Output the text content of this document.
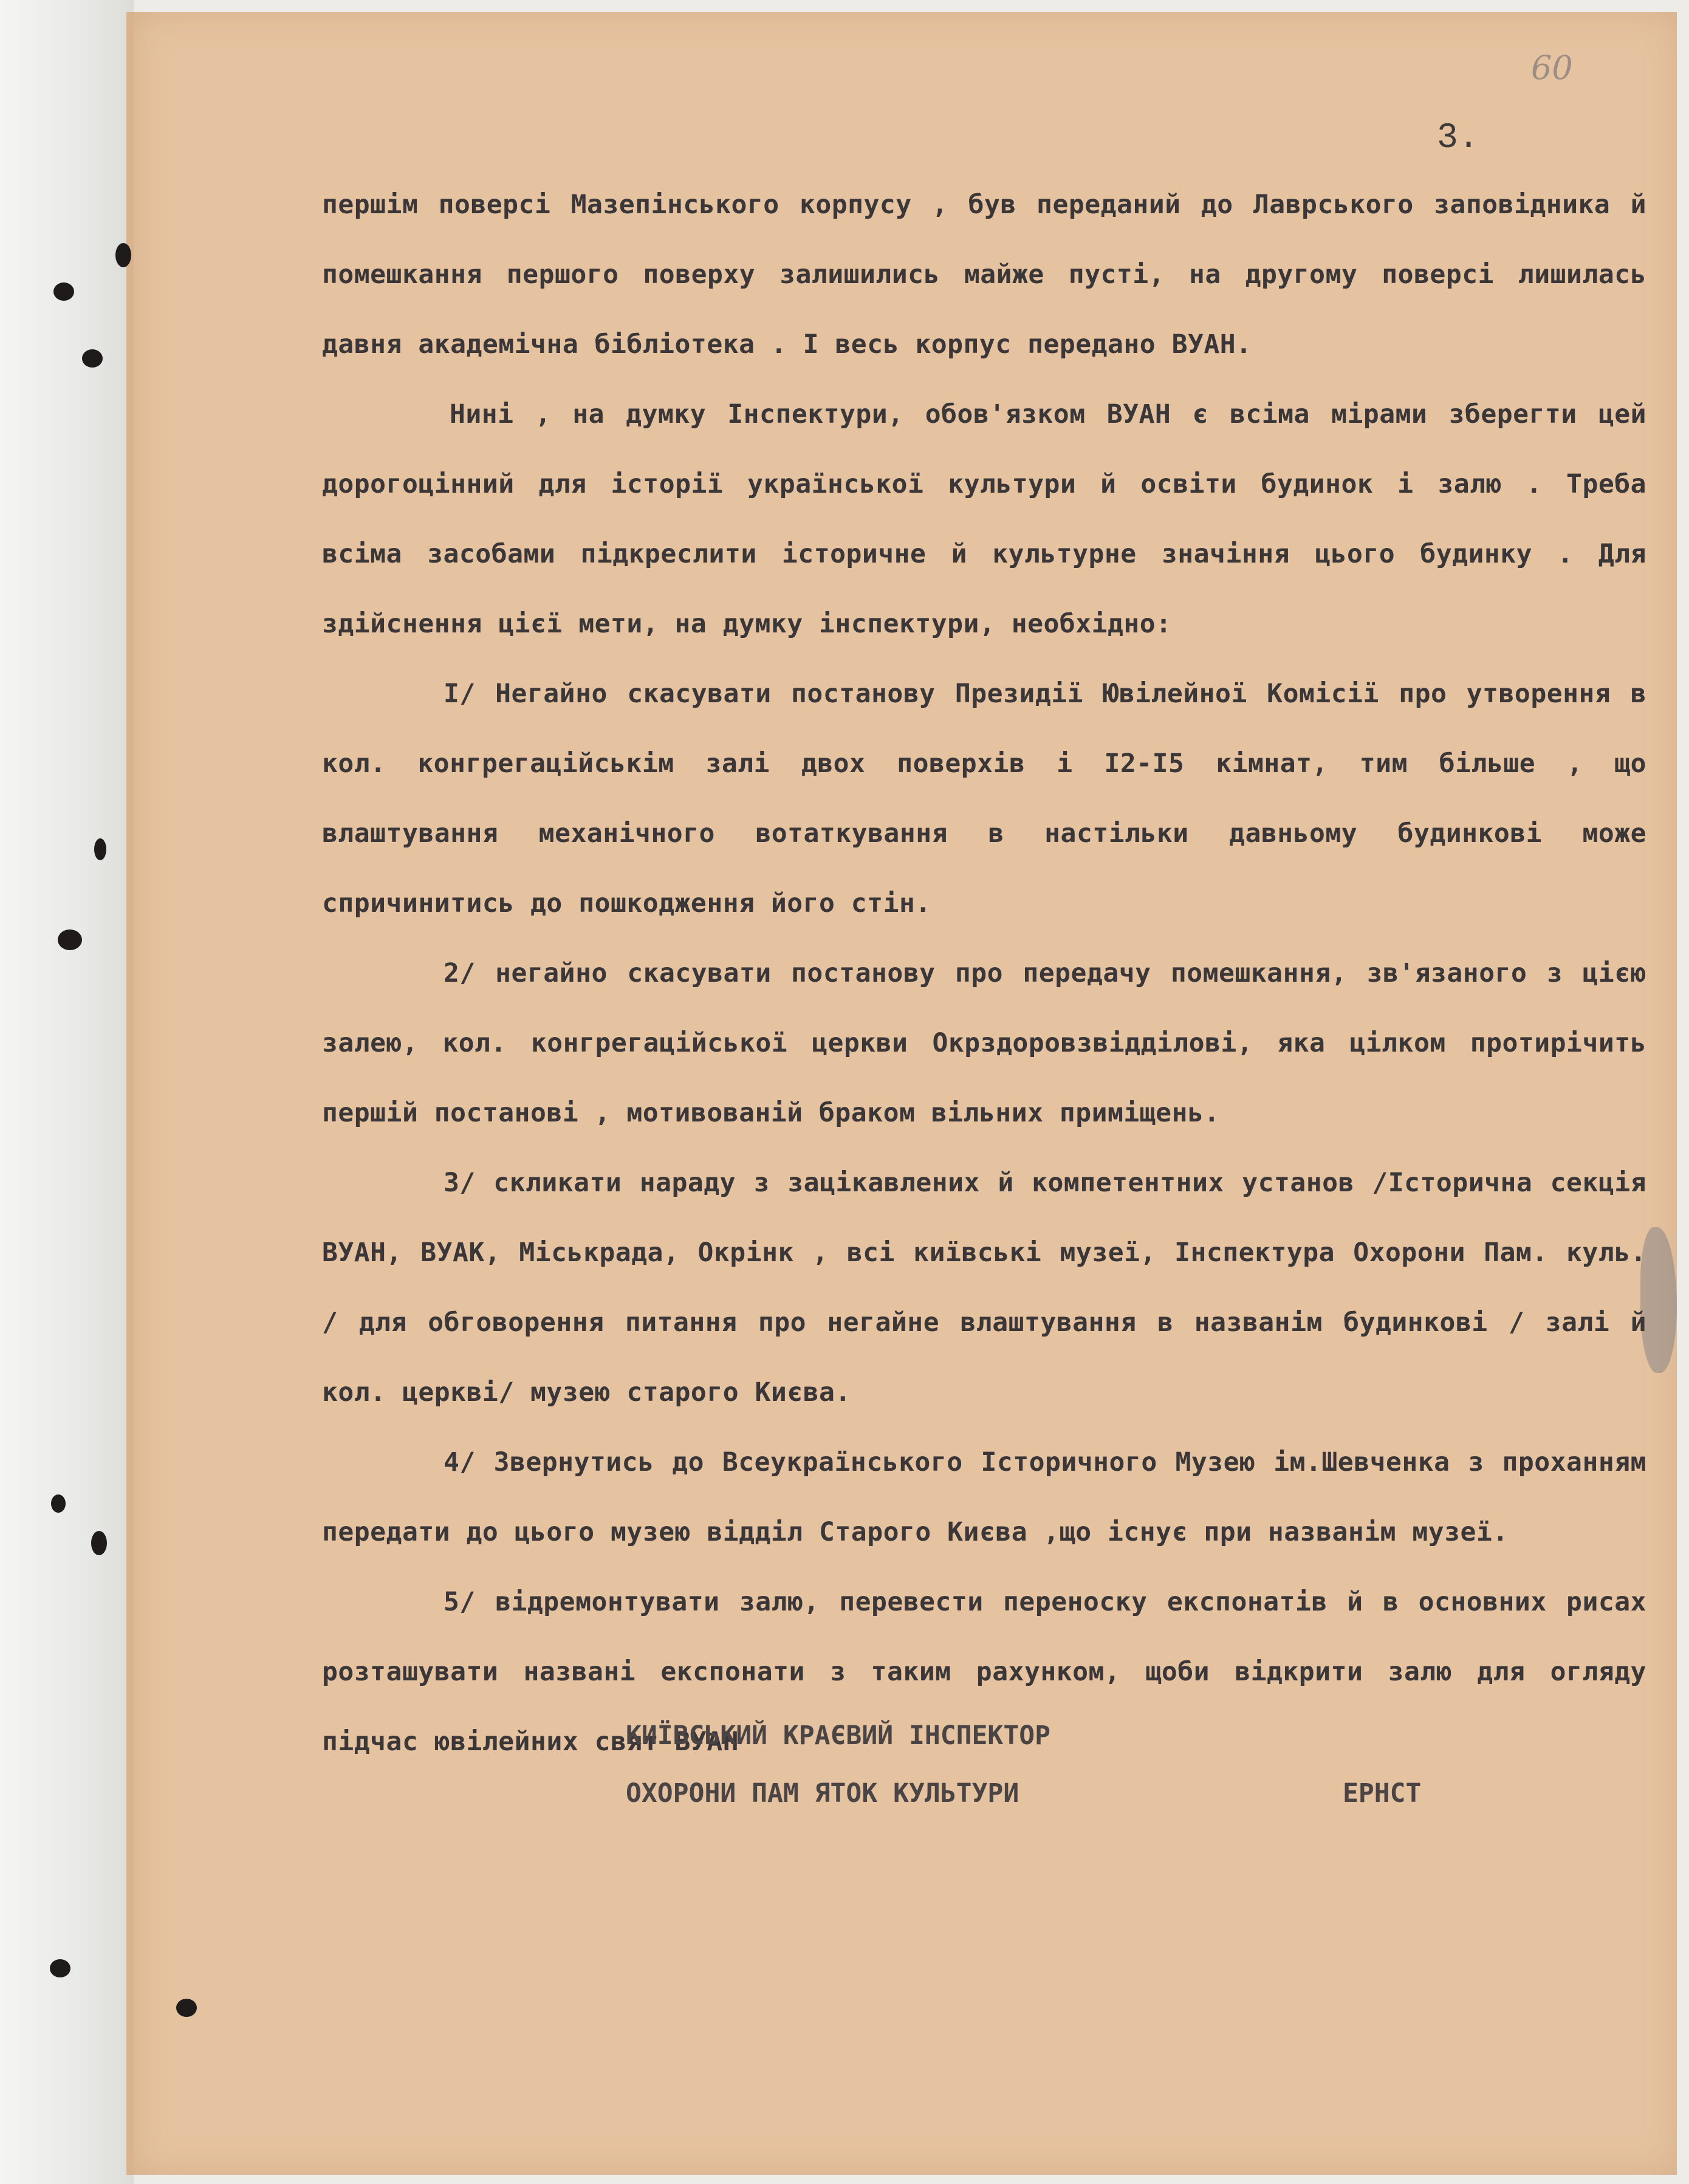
60
3.

першім поверсі Мазепінського корпусу , був переданий до Лаврського заповідника й помешкання першого поверху залишились майже пусті, на другому поверсі лишилась давня академічна бібліотека . І весь корпус передано ВУАН.

Нині , на думку Інспектури, обов'язком ВУАН є всіма мірами зберегти цей дорогоцінний для історії української культури й освіти будинок і залю . Треба всіма засобами підкреслити історичне й культурне значіння цього будинку . Для здійснення цієї мети, на думку інспектури, необхідно:

I/ Негайно скасувати постанову Президії Ювілейної Комісії про утворення в кол. конгрегаційськім залі двох поверхів і I2-I5 кімнат, тим більше , що влаштування механічного вотаткування в настільки давньому будинкові може спричинитись до пошкодження його стін.

2/ негайно скасувати постанову про передачу помешкання, зв'язаного з цією залею, кол. конгрегаційської церкви Окрздоровзвідділові, яка цілком протирічить першій постанові , мотивованій браком вільних приміщень.

3/ скликати нараду з зацікавлених й компетентних установ /Історична секція ВУАН, ВУАК, Міськрада, Окрінк , всі київські музеї, Інспектура Охорони Пам. куль. / для обговорення питання про негайне влаштування в названім будинкові / залі й кол. церкві/ музею старого Києва.

4/ Звернутись до Всеукраїнського Історичного Музею ім.Шевченка з проханням передати до цього музею відділ Старого Києва ,що існує при названім музеї.

5/ відремонтувати залю, перевести переноску експонатів й в основних рисах розташувати названі експонати з таким рахунком, щоби відкрити залю для огляду підчас ювілейних свят ВУАН

КИЇВСЬКИЙ КРАЄВИЙ ІНСПЕКТОР
ОХОРОНИ ПАМ ЯТОК КУЛЬТУРИ	ЕРНСТ
